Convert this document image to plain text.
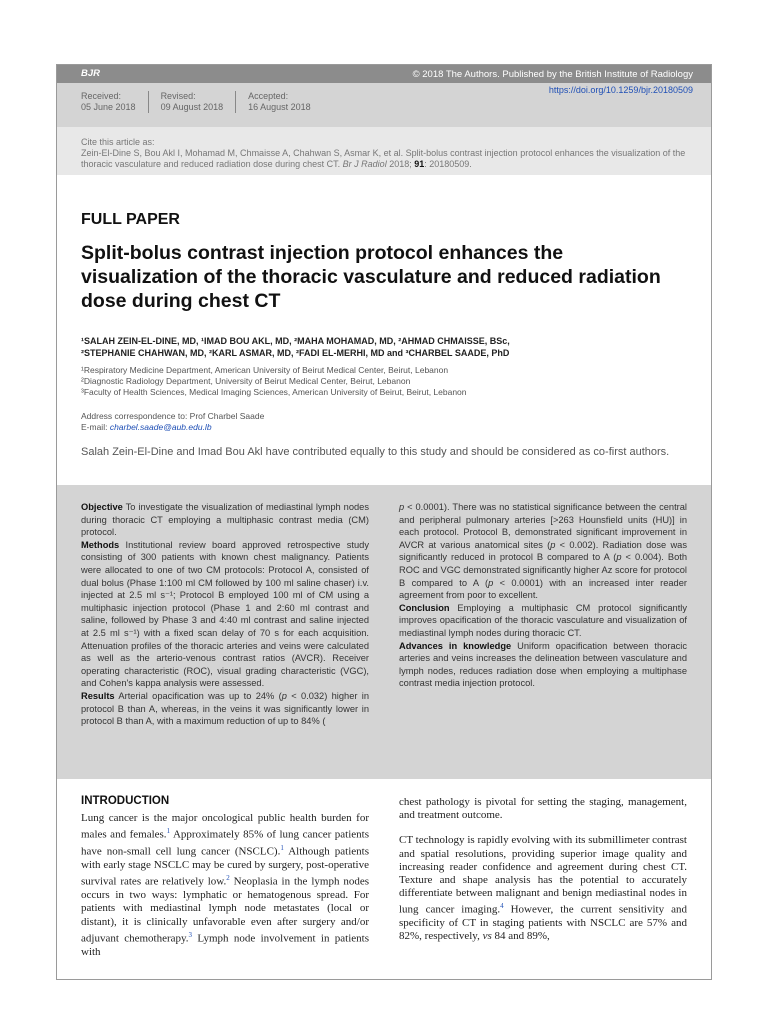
BJR	© 2018 The Authors. Published by the British Institute of Radiology
Received:
05 June 2018
Revised:
09 August 2018
Accepted:
16 August 2018
https://doi.org/10.1259/bjr.20180509
Cite this article as:
Zein-El-Dine S, Bou Akl I, Mohamad M, Chmaisse A, Chahwan S, Asmar K, et al. Split-bolus contrast injection protocol enhances the visualization of the thoracic vasculature and reduced radiation dose during chest CT. Br J Radiol 2018; 91: 20180509.
FULL PAPER
Split-bolus contrast injection protocol enhances the visualization of the thoracic vasculature and reduced radiation dose during chest CT
¹SALAH ZEIN-EL-DINE, MD, ¹IMAD BOU AKL, MD, ²MAHA MOHAMAD, MD, ²AHMAD CHMAISSE, BSc,
²STEPHANIE CHAHWAN, MD, ²KARL ASMAR, MD, ²FADI EL-MERHI, MD and ³CHARBEL SAADE, PhD
¹Respiratory Medicine Department, American University of Beirut Medical Center, Beirut, Lebanon
²Diagnostic Radiology Department, University of Beirut Medical Center, Beirut, Lebanon
³Faculty of Health Sciences, Medical Imaging Sciences, American University of Beirut, Beirut, Lebanon
Address correspondence to: Prof Charbel Saade
E-mail: charbel.saade@aub.edu.lb
Salah Zein-El-Dine and Imad Bou Akl have contributed equally to this study and should be considered as co-first authors.

Objective To investigate the visualization of mediastinal lymph nodes during thoracic CT employing a multiphasic contrast media (CM) protocol.

Methods Institutional review board approved retrospective study consisting of 300 patients with known chest malignancy. Patients were allocated to one of two CM protocols: Protocol A, consisted of dual bolus (Phase 1:100 ml CM followed by 100 ml saline chaser) i.v. injected at 2.5 ml s⁻¹; Protocol B employed 100 ml of CM using a multiphasic injection protocol (Phase 1 and 2:60 ml contrast and saline, followed by Phase 3 and 4:40 ml contrast and saline injected at 2.5 ml s⁻¹) with a fixed scan delay of 70 s for each acquisition. Attenuation profiles of the thoracic arteries and veins were calculated as well as the arterio-venous contrast ratios (AVCR). Receiver operating characteristic (ROC), visual grading characteristic (VGC), and Cohen's kappa analysis were assessed.

Results Arterial opacification was up to 24% (p < 0.032) higher in protocol B than A, whereas, in the veins it was significantly lower in protocol B than A, with a maximum reduction of up to 84% (

p < 0.0001). There was no statistical significance between the central and peripheral pulmonary arteries [>263 Hounsfield units (HU)] in each protocol. Protocol B, demonstrated significant improvement in AVCR at various anatomical sites (p < 0.002). Radiation dose was significantly reduced in protocol B compared to A (p < 0.004). Both ROC and VGC demonstrated significantly higher Az score for protocol B compared to A (p < 0.0001) with an increased inter reader agreement from poor to excellent.

Conclusion Employing a multiphasic CM protocol significantly improves opacification of the thoracic vasculature and visualization of mediastinal lymph nodes during thoracic CT.

Advances in knowledge Uniform opacification between thoracic arteries and veins increases the delineation between vasculature and lymph nodes, reduces radiation dose when employing a multiphase contrast media injection protocol.

INTRODUCTION

Lung cancer is the major oncological public health burden for males and females.$^1$ Approximately 85% of lung cancer patients have non-small cell lung cancer (NSCLC).$^1$ Although patients with early stage NSCLC may be cured by surgery, post-operative survival rates are relatively low.$^2$ Neoplasia in the lymph nodes occurs in two ways: lymphatic or hematogenous spread. For patients with mediastinal lymph node metastates (local or distant), it is clinically unfavorable even after surgery and/or adjuvant chemotherapy.$^3$ Lymph node involvement in patients with

chest pathology is pivotal for setting the staging, management, and treatment outcome.

CT technology is rapidly evolving with its submillimeter contrast and spatial resolutions, providing superior image quality and increasing reader confidence and agreement during chest CT. Texture and shape analysis has the potential to accurately differentiate between malignant and benign mediastinal nodes in lung cancer imaging.$^4$ However, the current sensitivity and specificity of CT in staging patients with NSCLC are 57% and 82%, respectively, vs 84 and 89%,
